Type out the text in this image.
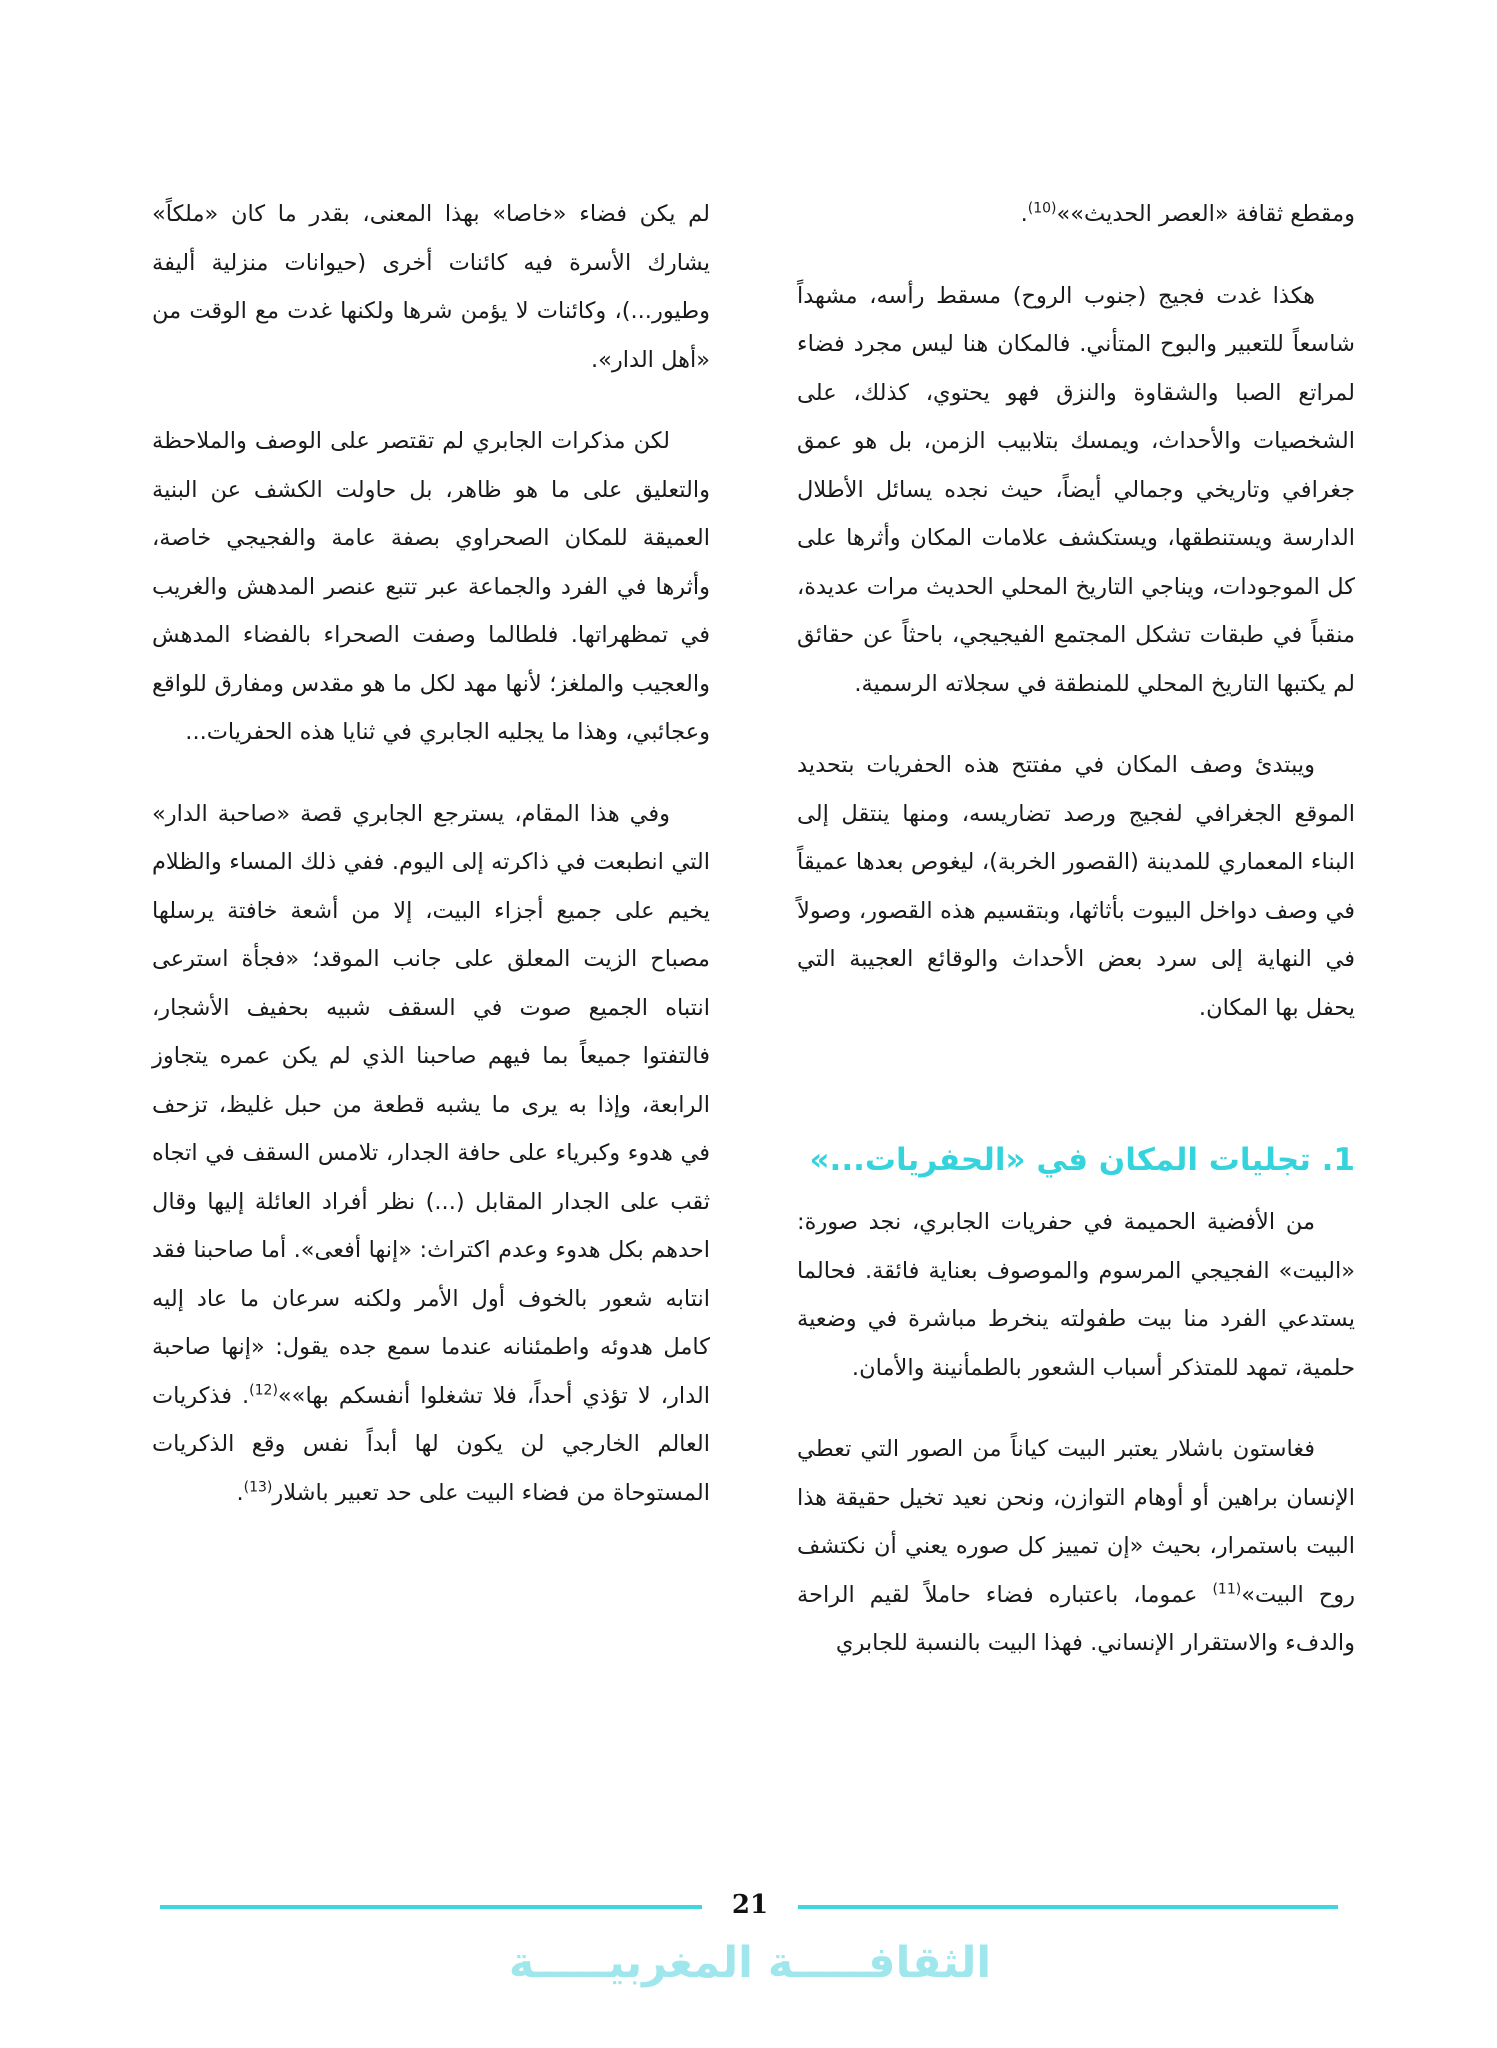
ومقطع ثقافة «العصر الحديث»»$^{(10)}$.

هكذا غدت فجيج (جنوب الروح) مسقط رأسه، مشهداً شاسعاً للتعبير والبوح المتأني. فالمكان هنا ليس مجرد فضاء لمراتع الصبا والشقاوة والنزق فهو يحتوي، كذلك، على الشخصيات والأحداث، ويمسك بتلابيب الزمن، بل هو عمق جغرافي وتاريخي وجمالي أيضاً، حيث نجده يسائل الأطلال الدارسة ويستنطقها، ويستكشف علامات المكان وأثرها على كل الموجودات، ويناجي التاريخ المحلي الحديث مرات عديدة، منقباً في طبقات تشكل المجتمع الفيجيجي، باحثاً عن حقائق لم يكتبها التاريخ المحلي للمنطقة في سجلاته الرسمية.

ويبتدئ وصف المكان في مفتتح هذه الحفريات بتحديد الموقع الجغرافي لفجيج ورصد تضاريسه، ومنها ينتقل إلى البناء المعماري للمدينة (القصور الخربة)، ليغوص بعدها عميقاً في وصف دواخل البيوت بأثاثها، وبتقسيم هذه القصور، وصولاً في النهاية إلى سرد بعض الأحداث والوقائع العجيبة التي يحفل بها المكان.

1. تجليات المكان في «الحفريات...»

من الأفضية الحميمة في حفريات الجابري، نجد صورة: «البيت» الفجيجي المرسوم والموصوف بعناية فائقة. فحالما يستدعي الفرد منا بيت طفولته ينخرط مباشرة في وضعية حلمية، تمهد للمتذكر أسباب الشعور بالطمأنينة والأمان.

فغاستون باشلار يعتبر البيت كياناً من الصور التي تعطي الإنسان براهين أو أوهام التوازن، ونحن نعيد تخيل حقيقة هذا البيت باستمرار، بحيث «إن تمييز كل صوره يعني أن نكتشف روح البيت»$^{(11)}$ عموما، باعتباره فضاء حاملاً لقيم الراحة والدفء والاستقرار الإنساني. فهذا البيت بالنسبة للجابري

لم يكن فضاء «خاصا» بهذا المعنى، بقدر ما كان «ملكاً» يشارك الأسرة فيه كائنات أخرى (حيوانات منزلية أليفة وطيور...)، وكائنات لا يؤمن شرها ولكنها غدت مع الوقت من «أهل الدار».

لكن مذكرات الجابري لم تقتصر على الوصف والملاحظة والتعليق على ما هو ظاهر، بل حاولت الكشف عن البنية العميقة للمكان الصحراوي بصفة عامة والفجيجي خاصة، وأثرها في الفرد والجماعة عبر تتبع عنصر المدهش والغريب في تمظهراتها. فلطالما وصفت الصحراء بالفضاء المدهش والعجيب والملغز؛ لأنها مهد لكل ما هو مقدس ومفارق للواقع وعجائبي، وهذا ما يجليه الجابري في ثنايا هذه الحفريات...

وفي هذا المقام، يسترجع الجابري قصة «صاحبة الدار» التي انطبعت في ذاكرته إلى اليوم. ففي ذلك المساء والظلام يخيم على جميع أجزاء البيت، إلا من أشعة خافتة يرسلها مصباح الزيت المعلق على جانب الموقد؛ «فجأة استرعى انتباه الجميع صوت في السقف شبيه بحفيف الأشجار، فالتفتوا جميعاً بما فيهم صاحبنا الذي لم يكن عمره يتجاوز الرابعة، وإذا به يرى ما يشبه قطعة من حبل غليظ، تزحف في هدوء وكبرياء على حافة الجدار، تلامس السقف في اتجاه ثقب على الجدار المقابل (...) نظر أفراد العائلة إليها وقال احدهم بكل هدوء وعدم اكتراث: «إنها أفعى». أما صاحبنا فقد انتابه شعور بالخوف أول الأمر ولكنه سرعان ما عاد إليه كامل هدوئه واطمئنانه عندما سمع جده يقول: «إنها صاحبة الدار، لا تؤذي أحداً، فلا تشغلوا أنفسكم بها»»$^{(12)}$. فذكريات العالم الخارجي لن يكون لها أبداً نفس وقع الذكريات المستوحاة من فضاء البيت على حد تعبير باشلار$^{(13)}$.

21
الثقافـــــة المغربيـــــة
